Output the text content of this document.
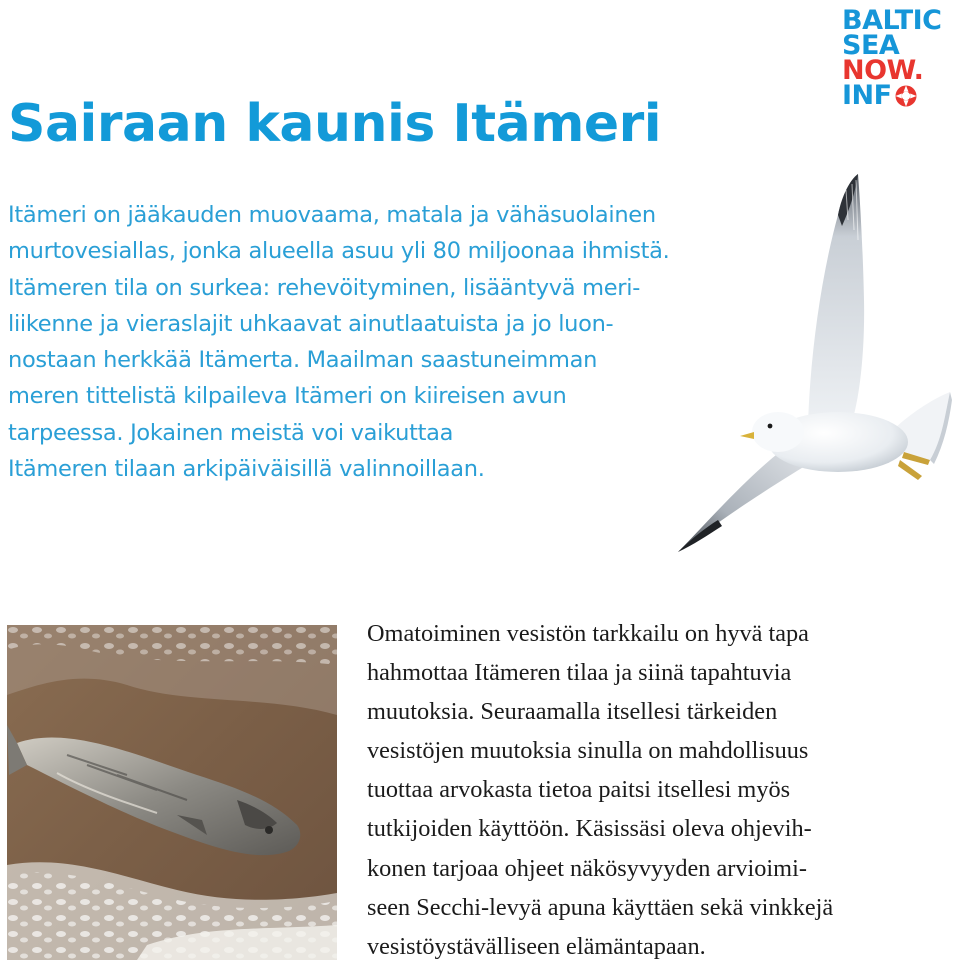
BALTIC
SEA
NOW.
INF
Sairaan kaunis Itämeri
Itämeri on jääkauden muovaama, matala ja vähäsuolainen
murtovesiallas, jonka alueella asuu yli 80 miljoonaa ihmistä.
Itämeren tila on surkea: rehevöityminen, lisääntyvä meri-
liikenne ja vieraslajit uhkaavat ainutlaatuista ja jo luon-
nostaan herkkää Itämerta. Maailman saastuneimman
meren tittelistä kilpaileva Itämeri on kiireisen avun
tarpeessa. Jokainen meistä voi vaikuttaa
Itämeren tilaan arkipäiväisillä valinnoillaan.
Omatoiminen vesistön tarkkailu on hyvä tapa
hahmottaa Itämeren tilaa ja siinä tapahtuvia
muutoksia. Seuraamalla itsellesi tärkeiden
vesistöjen muutoksia sinulla on mahdollisuus
tuottaa arvokasta tietoa paitsi itsellesi myös
tutkijoiden käyttöön. Käsissäsi oleva ohjevih-
konen tarjoaa ohjeet näkösyvyyden arvioimi-
seen Secchi-levyä apuna käyttäen sekä vinkkejä
vesistöystävälliseen elämäntapaan.
